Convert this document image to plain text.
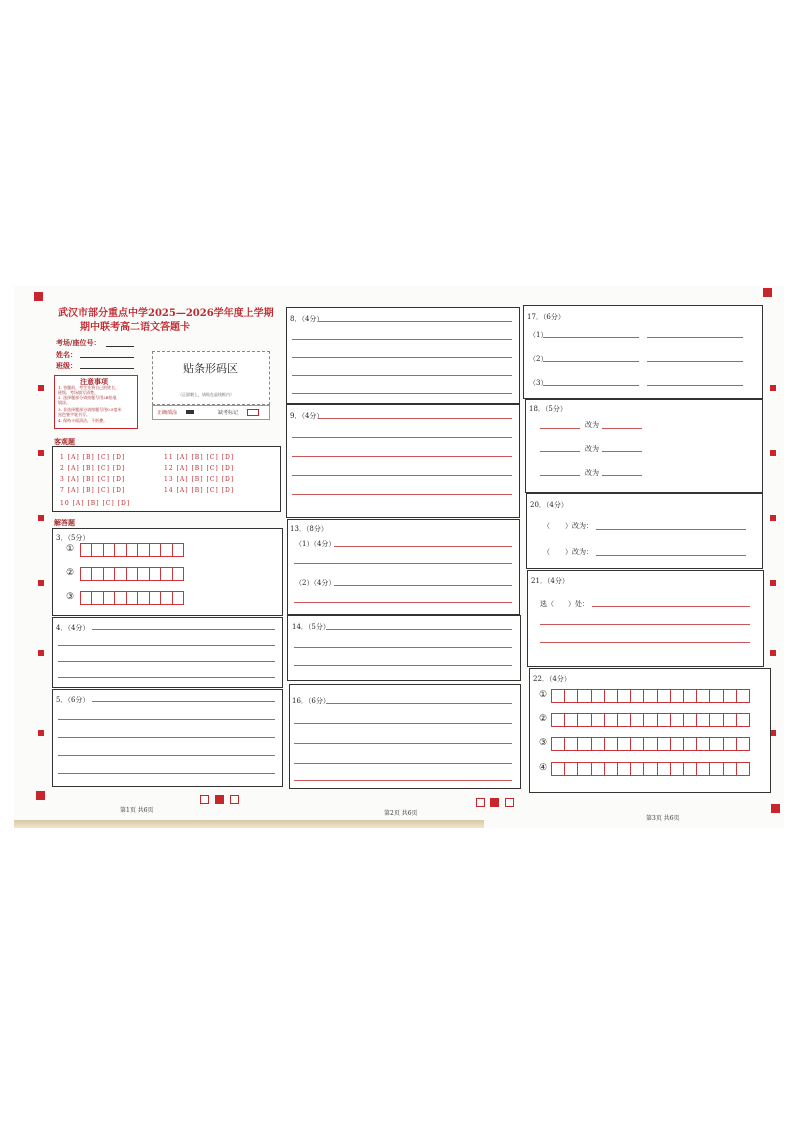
武汉市部分重点中学2025—2026学年度上学期
期中联考高二语文答题卡
考场/座位号：
姓名：
班级：
注意事项
1. 答题前，考生先将自己的姓名、
班级、考场填写清楚。
2. 选择题部分请按题号用2B铅笔
填涂。
3. 非选择题部分请按题号用0.5毫米
黑色签字笔书写。
4. 保持卡面清洁，不折叠。
贴条形码区
（正面朝上，请贴在虚线框内）
正确填涂	缺考标记
客观题
1 [A] [B] [C] [D]
2 [A] [B] [C] [D]
3 [A] [B] [C] [D]
7 [A] [B] [C] [D]
10 [A] [B] [C] [D]
11 [A] [B] [C] [D]
12 [A] [B] [C] [D]
13 [A] [B] [C] [D]
14 [A] [B] [C] [D]
解答题
3．（5分）
①
②
③
4．（4分）
5．（6分）
第1页 共6页
8．（4分）
9．（4分）
13．（8分）
（1）（4分）
（2）（4分）
14．（5分）
16．（6分）
第2页 共6页
17．（6分）
（1）
（2）
（3）
18．（5分）
改为
改为
改为
20．（4分）
（ ）改为：
（ ）改为：
21．（4分）
选（　　）处：
22．（4分）
①
②
③
④
第3页 共6页
